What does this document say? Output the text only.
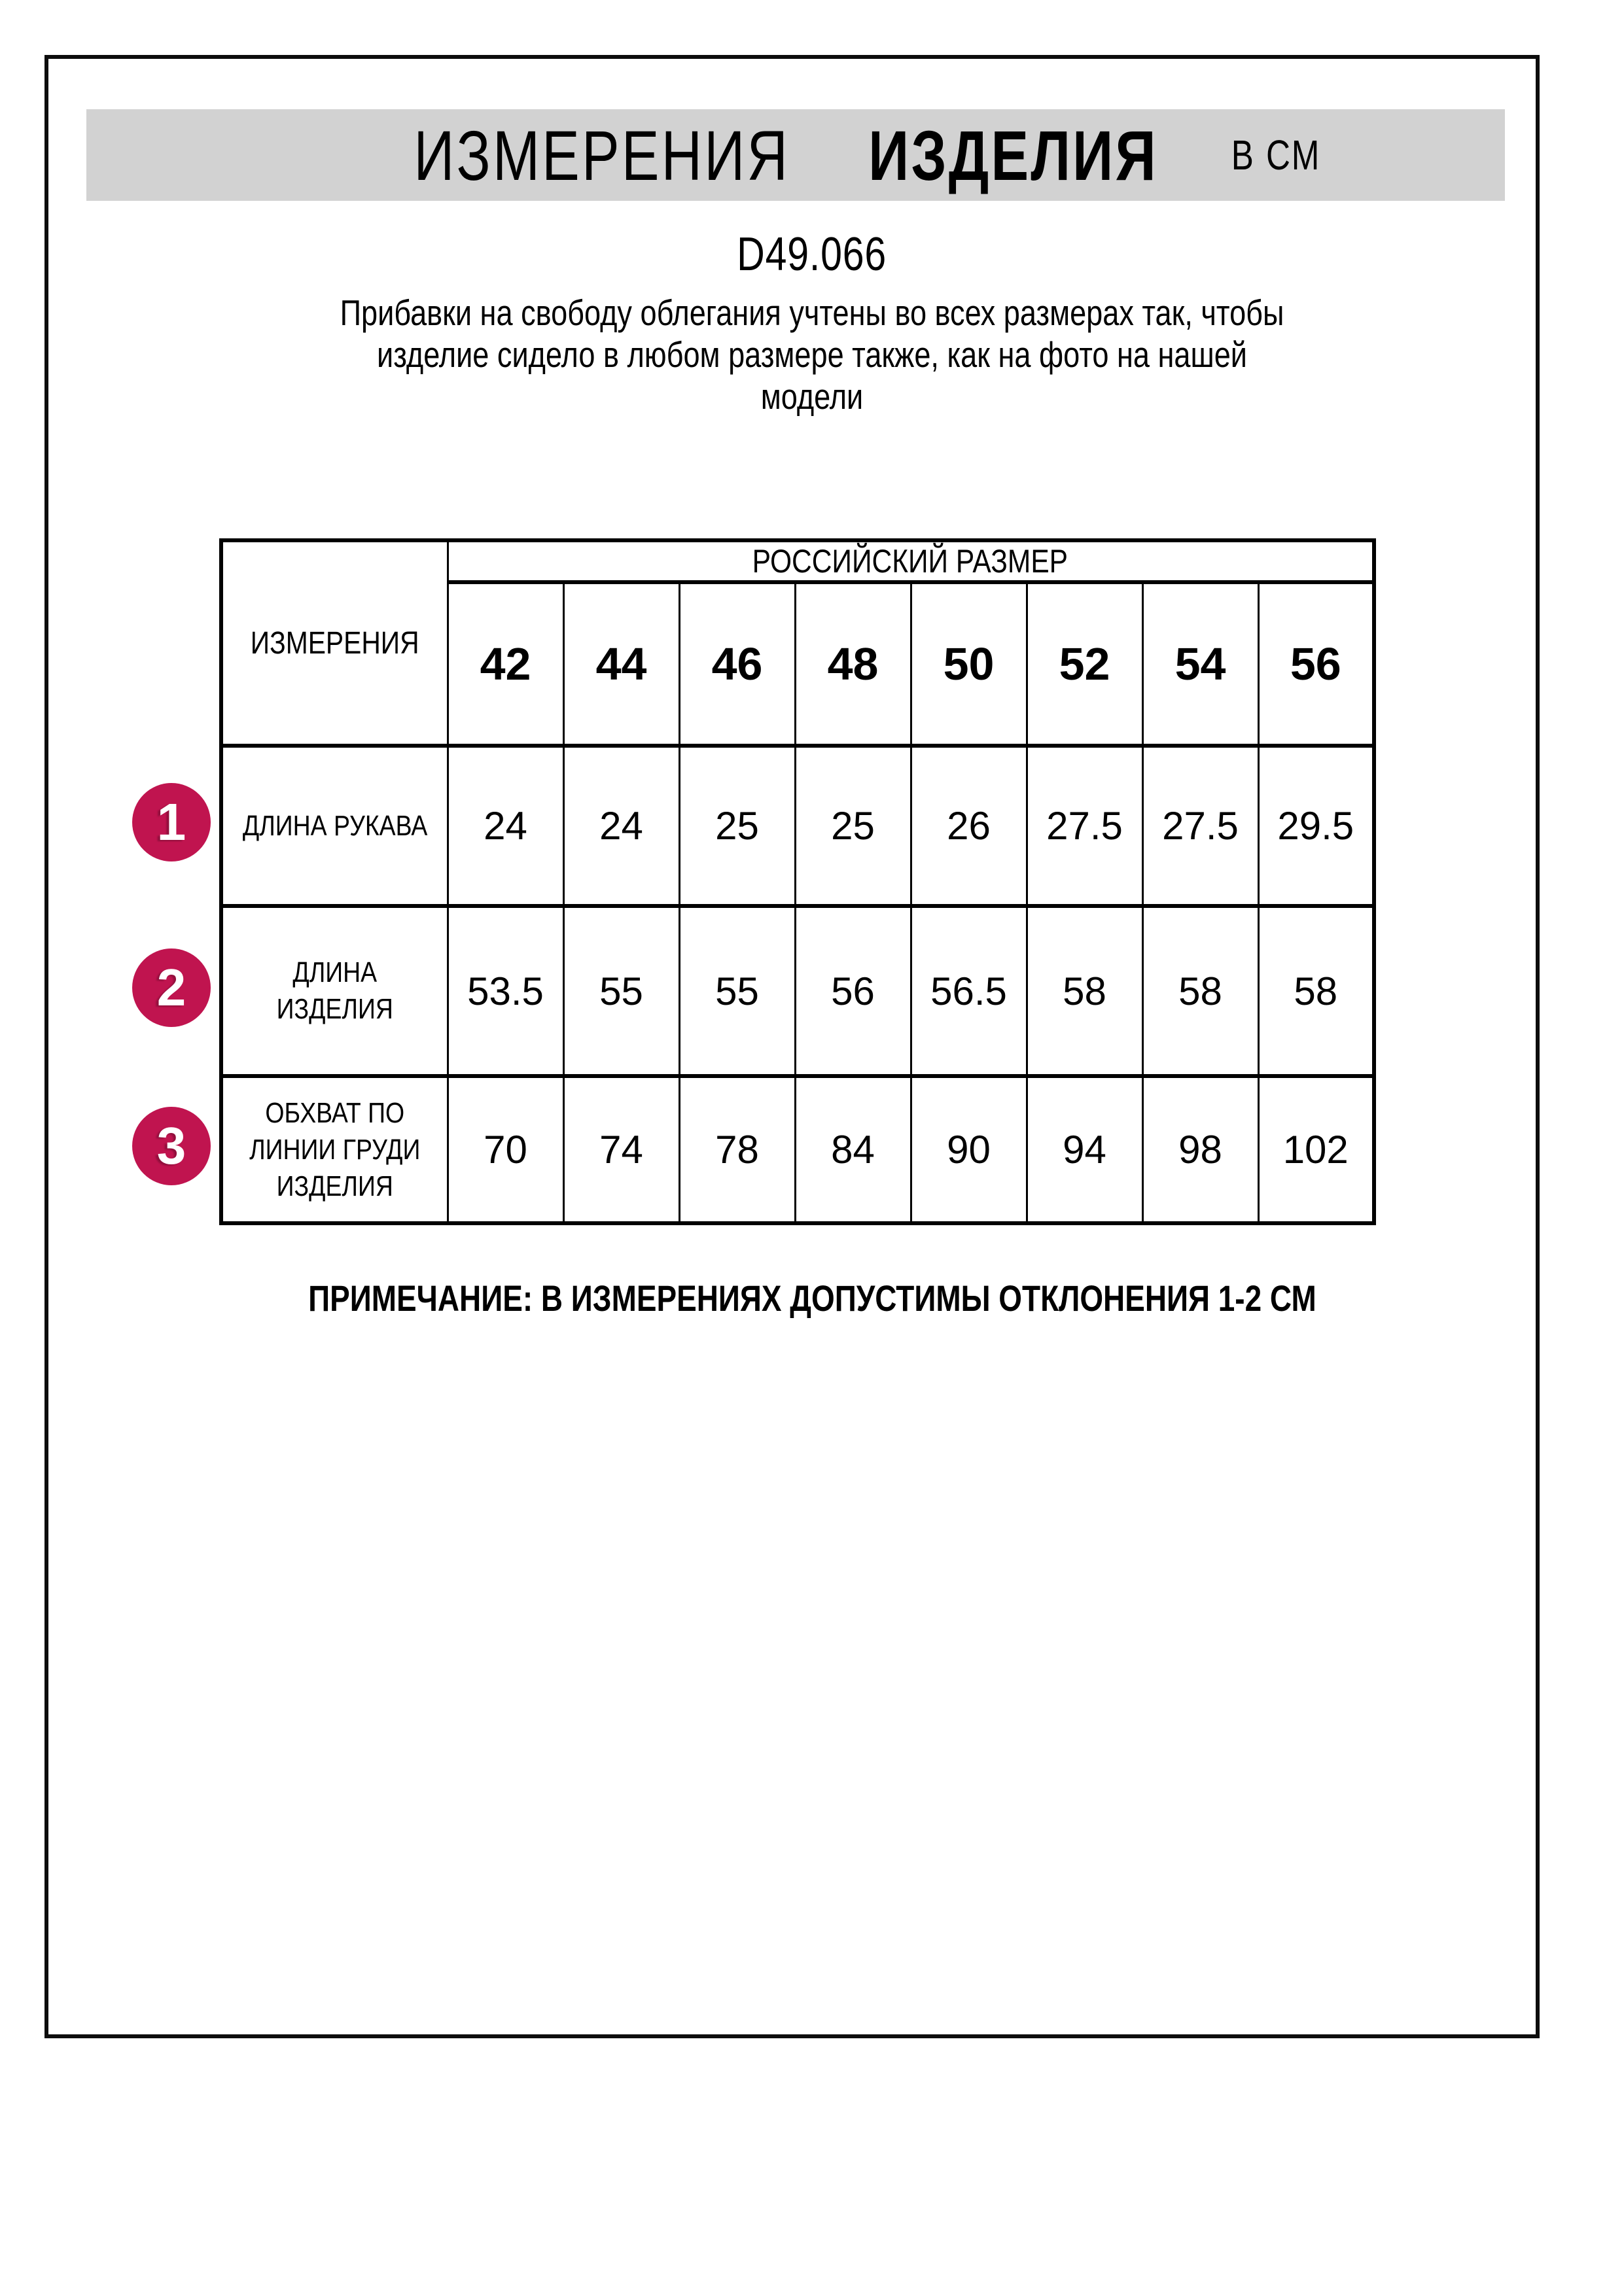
ИЗМЕРЕНИЯ ИЗДЕЛИЯ В СМ
D49.066
Прибавки на свободу облегания учтены во всех размерах так, чтобы
изделие сидело в любом размере также, как на фото на нашей
модели
ИЗМЕРЕНИЯ	РОССИЙСКИЙ РАЗМЕР							
	42	44	46	48	50	52	54	56
ДЛИНА РУКАВА	24	24	25	25	26	27.5	27.5	29.5
ДЛИНА ИЗДЕЛИЯ	53.5	55	55	56	56.5	58	58	58
ОБХВАТ ПО ЛИНИИ ГРУДИ ИЗДЕЛИЯ	70	74	78	84	90	94	98	102
1
2
3
ПРИМЕЧАНИЕ: В ИЗМЕРЕНИЯХ ДОПУСТИМЫ ОТКЛОНЕНИЯ 1-2 СМ
